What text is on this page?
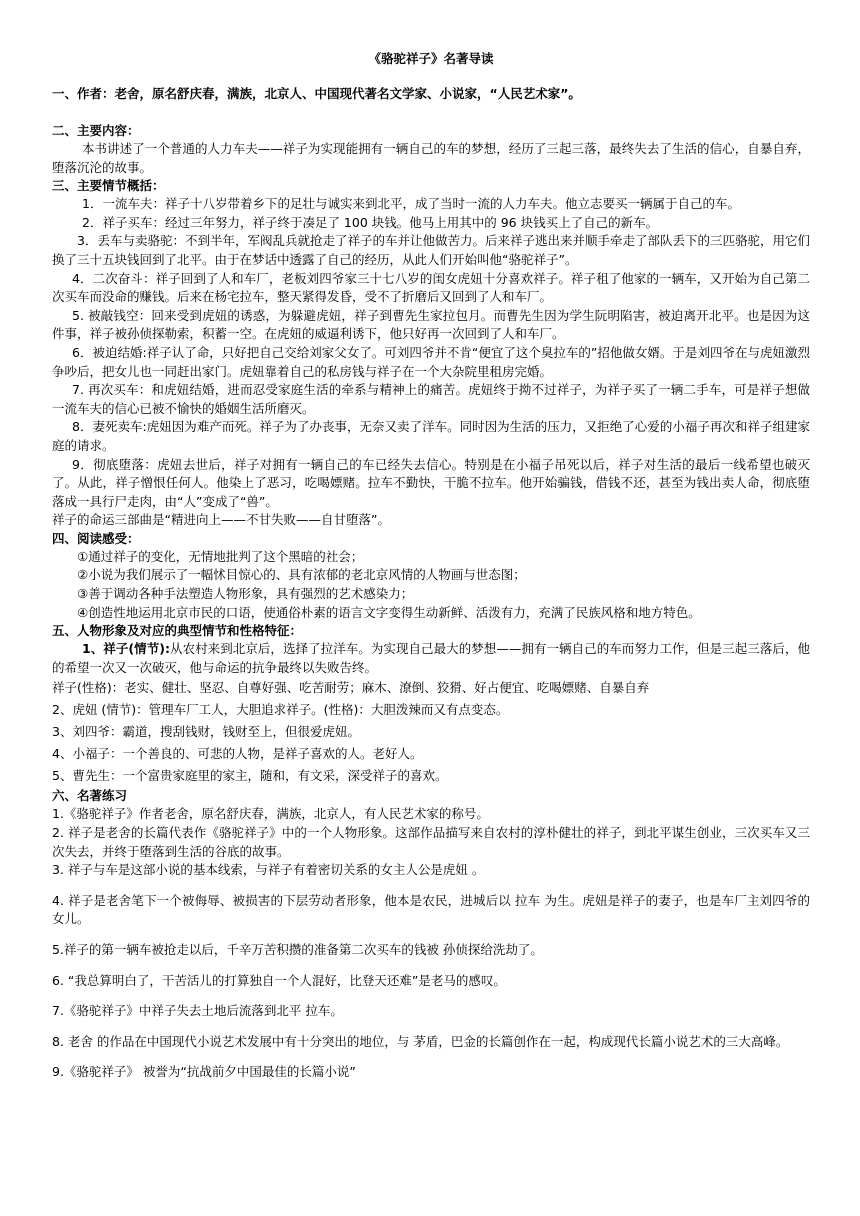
《骆驼祥子》名著导读
一、作者：老舍，原名舒庆春，满族，北京人、中国现代著名文学家、小说家，“人民艺术家”。
二、主要内容：
本书讲述了一个普通的人力车夫——祥子为实现能拥有一辆自己的车的梦想，经历了三起三落，最终失去了生活的信心，自暴自弃，堕落沉沦的故事。
三、主要情节概括：
1．一流车夫：祥子十八岁带着乡下的足壮与诚实来到北平，成了当时一流的人力车夫。他立志要买一辆属于自己的车。
2．祥子买车：经过三年努力，祥子终于凑足了 100 块钱。他马上用其中的 96 块钱买上了自己的新车。
3．丢车与卖骆驼：不到半年，军阀乱兵就抢走了祥子的车并让他做苦力。后来祥子逃出来并顺手牵走了部队丢下的三匹骆驼，用它们换了三十五块钱回到了北平。由于在梦话中透露了自己的经历，从此人们开始叫他“骆驼祥子”。
4．二次奋斗：祥子回到了人和车厂，老板刘四爷家三十七八岁的闺女虎妞十分喜欢祥子。祥子租了他家的一辆车，又开始为自己第二次买车而没命的赚钱。后来在杨宅拉车，整天紧得发昏，受不了折磨后又回到了人和车厂。
5. 被敲钱空：回来受到虎妞的诱惑，为躲避虎妞，祥子到曹先生家拉包月。而曹先生因为学生阮明陷害，被迫离开北平。也是因为这件事，祥子被孙侦探勒索，积蓄一空。在虎妞的威逼利诱下，他只好再一次回到了人和车厂。
6．被迫结婚:祥子认了命，只好把自己交给刘家父女了。可刘四爷并不肯“便宜了这个臭拉车的”招他做女婿。于是刘四爷在与虎妞激烈争吵后，把女儿也一同赶出家门。虎妞靠着自己的私房钱与祥子在一个大杂院里租房完婚。
7. 再次买车：和虎妞结婚，进而忍受家庭生活的牵系与精神上的痛苦。虎妞终于拗不过祥子，为祥子买了一辆二手车，可是祥子想做一流车夫的信心已被不愉快的婚姻生活所磨灭。
8．妻死卖车:虎妞因为难产而死。祥子为了办丧事，无奈又卖了洋车。同时因为生活的压力，又拒绝了心爱的小福子再次和祥子组建家庭的请求。
9．彻底堕落：虎妞去世后，祥子对拥有一辆自己的车已经失去信心。特别是在小福子吊死以后，祥子对生活的最后一线希望也破灭了。从此，祥子憎恨任何人。他染上了恶习，吃喝嫖赌。拉车不勤快，干脆不拉车。他开始骗钱，借钱不还，甚至为钱出卖人命，彻底堕落成一具行尸走肉，由“人”变成了“兽”。
祥子的命运三部曲是“精进向上——不甘失败——自甘堕落”。
四、阅读感受：
①通过祥子的变化，无情地批判了这个黑暗的社会；
②小说为我们展示了一幅怵目惊心的、具有浓郁的老北京风情的人物画与世态图；
③善于调动各种手法塑造人物形象，具有强烈的艺术感染力；
④创造性地运用北京市民的口语，使通俗朴素的语言文字变得生动新鲜、活泼有力，充满了民族风格和地方特色。
五、人物形象及对应的典型情节和性格特征：
1、祥子(情节):从农村来到北京后，选择了拉洋车。为实现自己最大的梦想——拥有一辆自己的车而努力工作，但是三起三落后，他的希望一次又一次破灭，他与命运的抗争最终以失败告终。
祥子(性格)：老实、健壮、坚忍、自尊好强、吃苦耐劳；麻木、潦倒、狡猾、好占便宜、吃喝嫖赌、自暴自弃
2、虎妞 (情节)：管理车厂工人，大胆追求祥子。(性格)：大胆泼辣而又有点变态。
3、刘四爷：霸道，搜刮钱财，钱财至上，但很爱虎妞。
4、小福子：一个善良的、可悲的人物，是祥子喜欢的人。老好人。
5、曹先生：一个富贵家庭里的家主，随和，有文采，深受祥子的喜欢。
六、名著练习
1.《骆驼祥子》作者老舍，原名舒庆春，满族，北京人，有人民艺术家的称号。
2. 祥子是老舍的长篇代表作《骆驼祥子》中的一个人物形象。这部作品描写来自农村的淳朴健壮的祥子，到北平谋生创业，三次买车又三次失去，并终于堕落到生活的谷底的故事。
3. 祥子与车是这部小说的基本线索，与祥子有着密切关系的女主人公是虎妞 。
4. 祥子是老舍笔下一个被侮辱、被损害的下层劳动者形象，他本是农民，进城后以 拉车 为生。虎妞是祥子的妻子，也是车厂主刘四爷的女儿。
5.祥子的第一辆车被抢走以后，千辛万苦积攒的准备第二次买车的钱被 孙侦探给洗劫了。
6. “我总算明白了，干苦活儿的打算独自一个人混好，比登天还难”是老马的感叹。
7.《骆驼祥子》中祥子失去土地后流落到北平 拉车。
8. 老舍 的作品在中国现代小说艺术发展中有十分突出的地位，与 茅盾，巴金的长篇创作在一起，构成现代长篇小说艺术的三大高峰。
9.《骆驼祥子》 被誉为“抗战前夕中国最佳的长篇小说”
